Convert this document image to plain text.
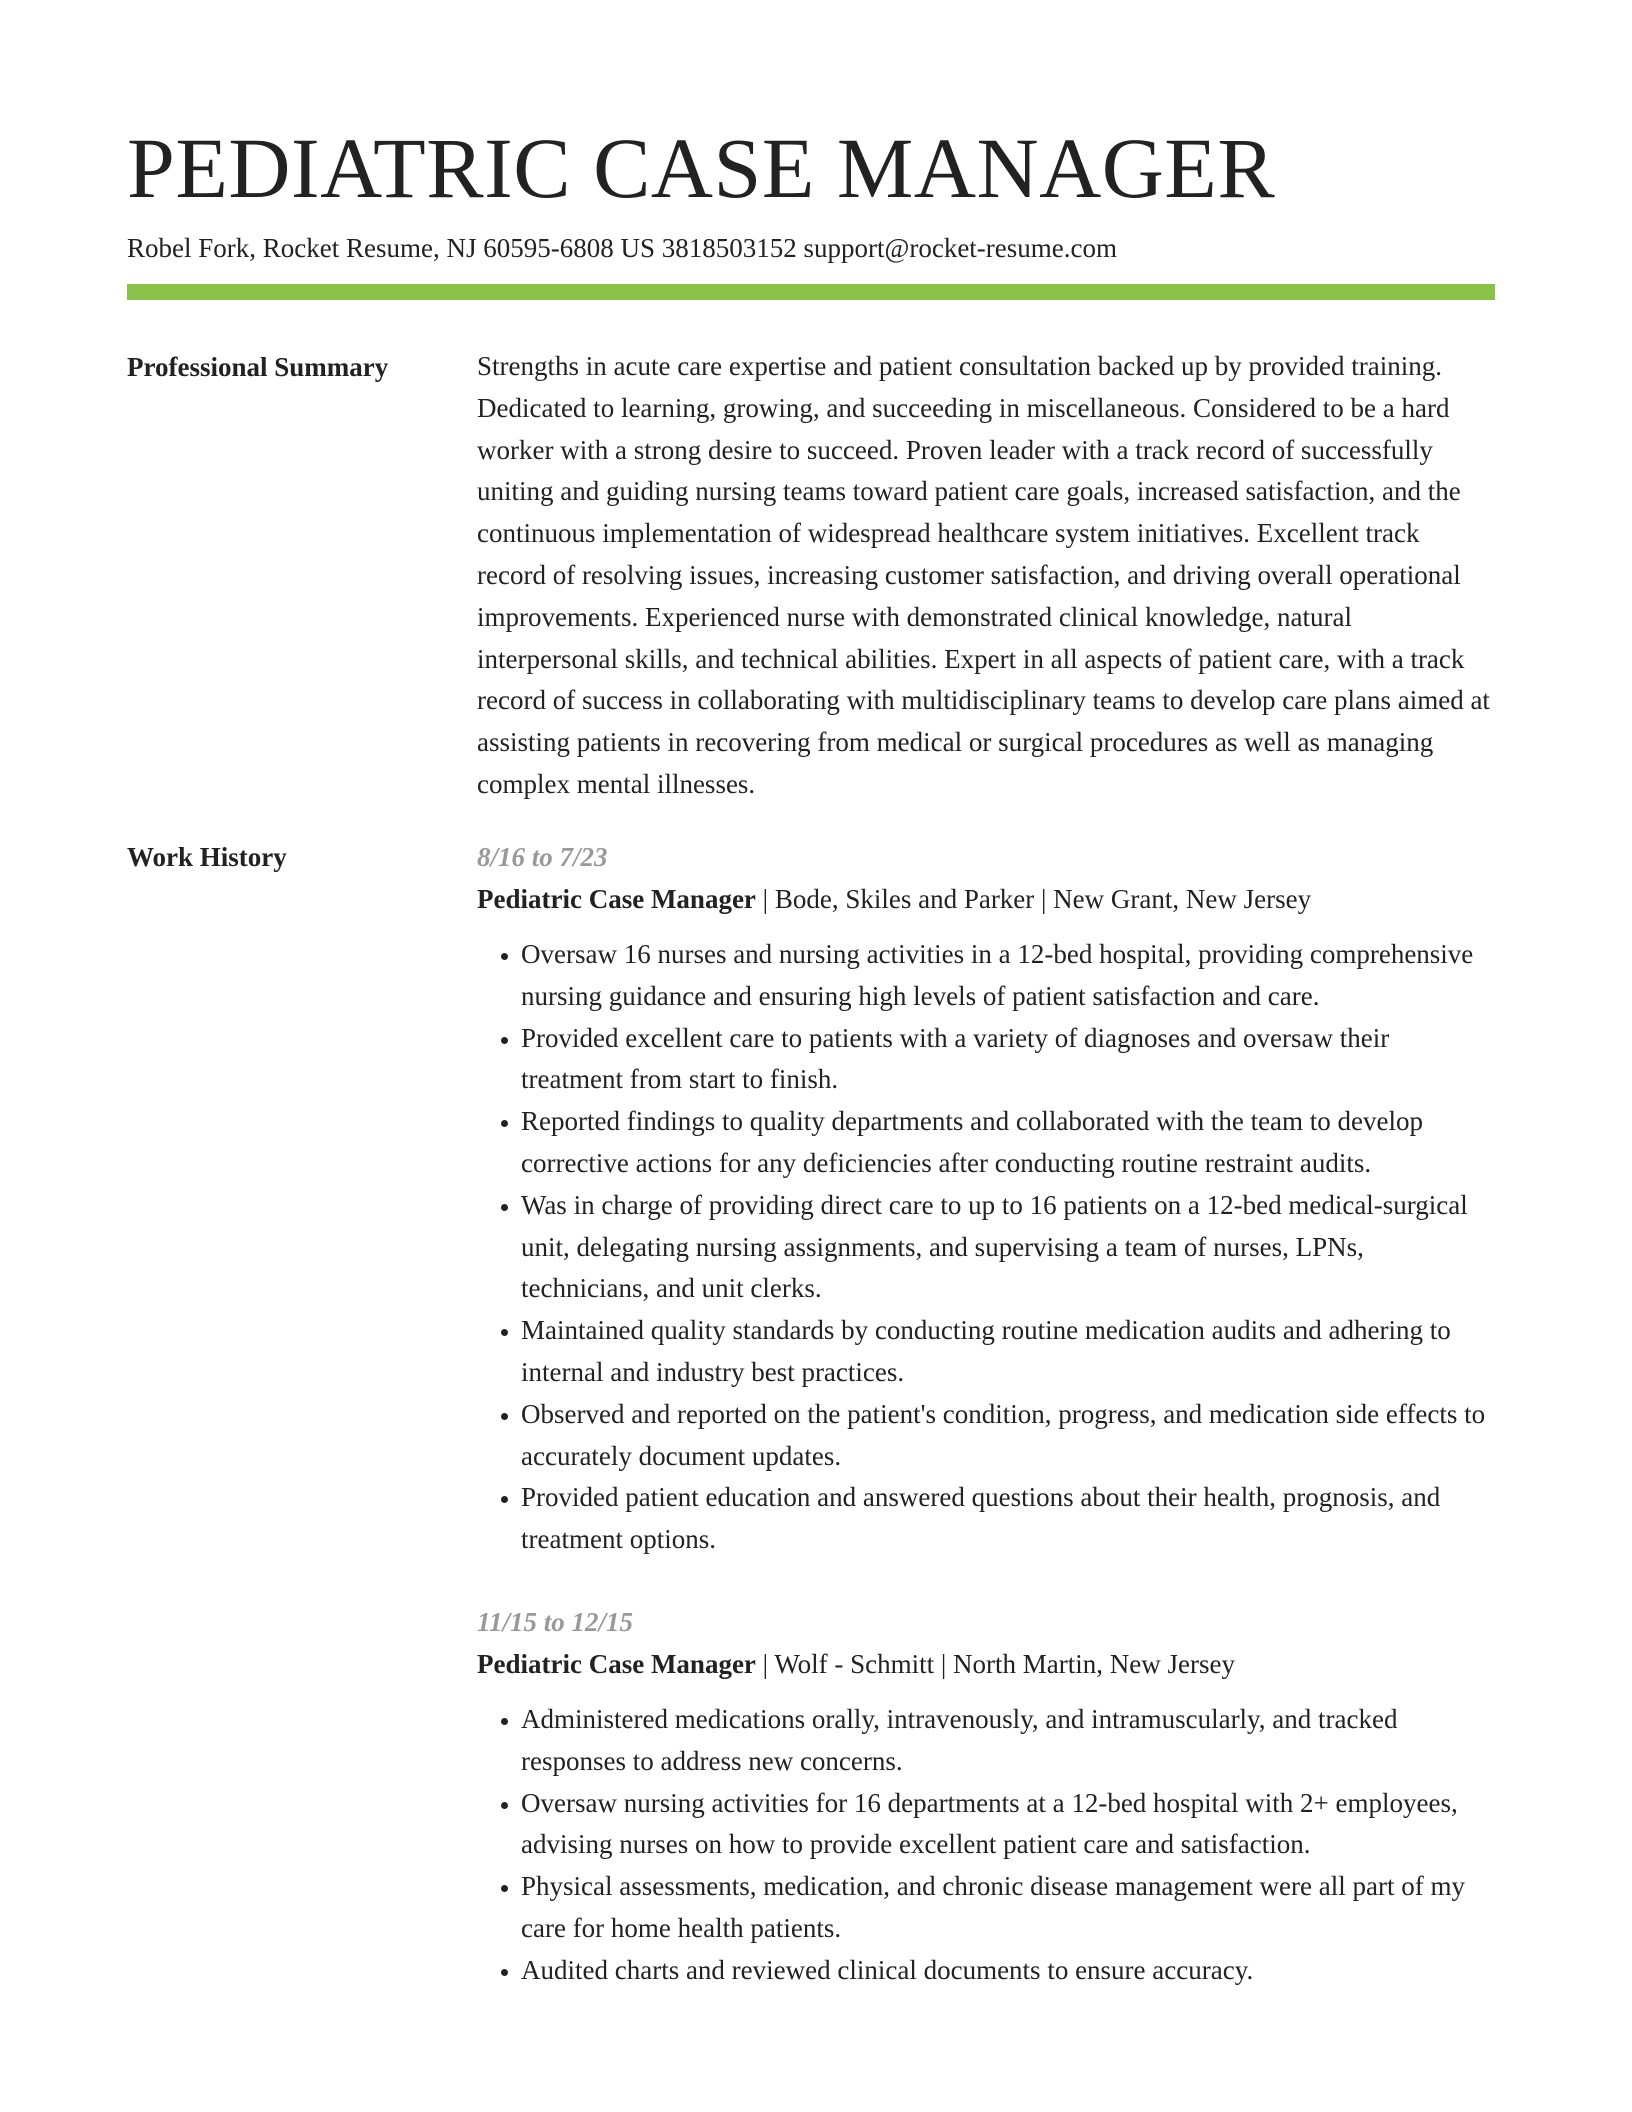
PEDIATRIC CASE MANAGER
Robel Fork, Rocket Resume, NJ 60595-6808 US 3818503152 support@rocket-resume.com
Professional Summary	Strengths in acute care expertise and patient consultation backed up by provided training. Dedicated to learning, growing, and succeeding in miscellaneous. Considered to be a hard worker with a strong desire to succeed. Proven leader with a track record of successfully uniting and guiding nursing teams toward patient care goals, increased satisfaction, and the continuous implementation of widespread healthcare system initiatives. Excellent track record of resolving issues, increasing customer satisfaction, and driving overall operational improvements. Experienced nurse with demonstrated clinical knowledge, natural interpersonal skills, and technical abilities. Expert in all aspects of patient care, with a track record of success in collaborating with multidisciplinary teams to develop care plans aimed at assisting patients in recovering from medical or surgical procedures as well as managing complex mental illnesses.

Work History	8/16 to 7/23
Pediatric Case Manager | Bode, Skiles and Parker | New Grant, New Jersey
• Oversaw 16 nurses and nursing activities in a 12-bed hospital, providing comprehensive nursing guidance and ensuring high levels of patient satisfaction and care.
• Provided excellent care to patients with a variety of diagnoses and oversaw their treatment from start to finish.
• Reported findings to quality departments and collaborated with the team to develop corrective actions for any deficiencies after conducting routine restraint audits.
• Was in charge of providing direct care to up to 16 patients on a 12-bed medical-surgical unit, delegating nursing assignments, and supervising a team of nurses, LPNs, technicians, and unit clerks.
• Maintained quality standards by conducting routine medication audits and adhering to internal and industry best practices.
• Observed and reported on the patient's condition, progress, and medication side effects to accurately document updates.
• Provided patient education and answered questions about their health, prognosis, and treatment options.
11/15 to 12/15
Pediatric Case Manager | Wolf - Schmitt | North Martin, New Jersey
• Administered medications orally, intravenously, and intramuscularly, and tracked responses to address new concerns.
• Oversaw nursing activities for 16 departments at a 12-bed hospital with 2+ employees, advising nurses on how to provide excellent patient care and satisfaction.
• Physical assessments, medication, and chronic disease management were all part of my care for home health patients.
• Audited charts and reviewed clinical documents to ensure accuracy.
